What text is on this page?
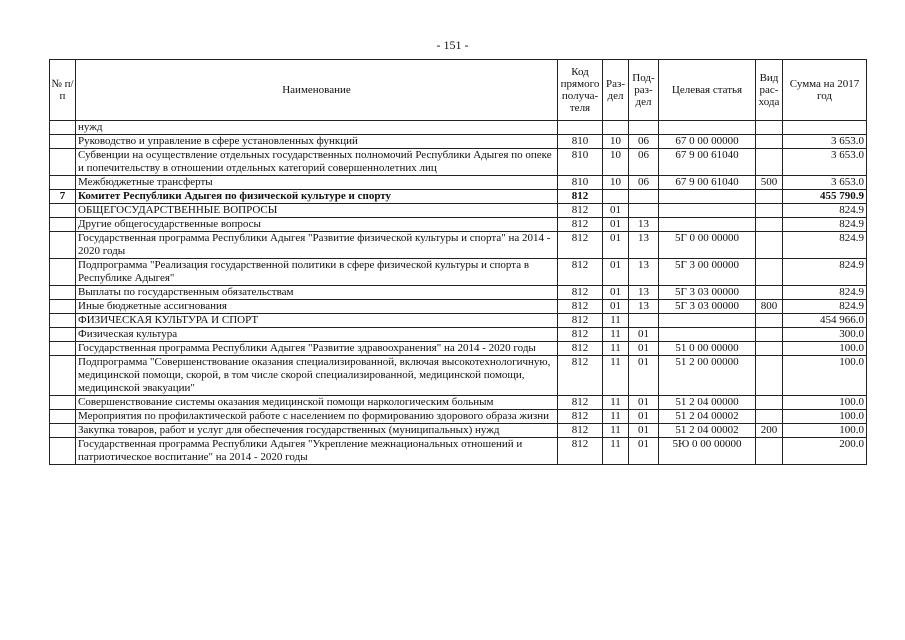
- 151 -
№ п/п	Наименование	Код прямого получа-теля	Раз-дел	Под-раз-дел	Целевая статья	Вид рас-хода	Сумма на 2017 год
	нужд						
	Руководство и управление в сфере установленных функций	810	10	06	67 0 00 00000		3 653.0
	Субвенции на осуществление отдельных государственных полномочий Республики Адыгея по опеке и попечительству в отношении отдельных категорий совершеннолетних лиц	810	10	06	67 9 00 61040		3 653.0
	Межбюджетные трансферты	810	10	06	67 9 00 61040	500	3 653.0
7	Комитет Республики Адыгея по физической культуре и спорту	812					455 790.9
	ОБЩЕГОСУДАРСТВЕННЫЕ ВОПРОСЫ	812	01				824.9
	Другие общегосударственные вопросы	812	01	13			824.9
	Государственная программа Республики Адыгея "Развитие физической культуры и спорта" на 2014 - 2020 годы	812	01	13	5Г 0 00 00000		824.9
	Подпрограмма "Реализация государственной политики в сфере физической культуры и спорта в Республике Адыгея"	812	01	13	5Г 3 00 00000		824.9
	Выплаты по государственным обязательствам	812	01	13	5Г 3 03 00000		824.9
	Иные бюджетные ассигнования	812	01	13	5Г 3 03 00000	800	824.9
	ФИЗИЧЕСКАЯ КУЛЬТУРА И СПОРТ	812	11				454 966.0
	Физическая культура	812	11	01			300.0
	Государственная программа Республики Адыгея "Развитие здравоохранения" на 2014 - 2020 годы	812	11	01	51 0 00 00000		100.0
	Подпрограмма "Совершенствование оказания специализированной, включая высокотехнологичную, медицинской помощи, скорой, в том числе скорой специализированной, медицинской помощи, медицинской эвакуации"	812	11	01	51 2 00 00000		100.0
	Совершенствование системы оказания медицинской помощи наркологическим больным	812	11	01	51 2 04 00000		100.0
	Мероприятия по профилактической работе с населением по формированию здорового образа жизни	812	11	01	51 2 04 00002		100.0
	Закупка товаров, работ и услуг для обеспечения государственных (муниципальных) нужд	812	11	01	51 2 04 00002	200	100.0
	Государственная программа Республики Адыгея "Укрепление межнациональных отношений и патриотическое воспитание" на 2014 - 2020 годы	812	11	01	5Ю 0 00 00000		200.0
